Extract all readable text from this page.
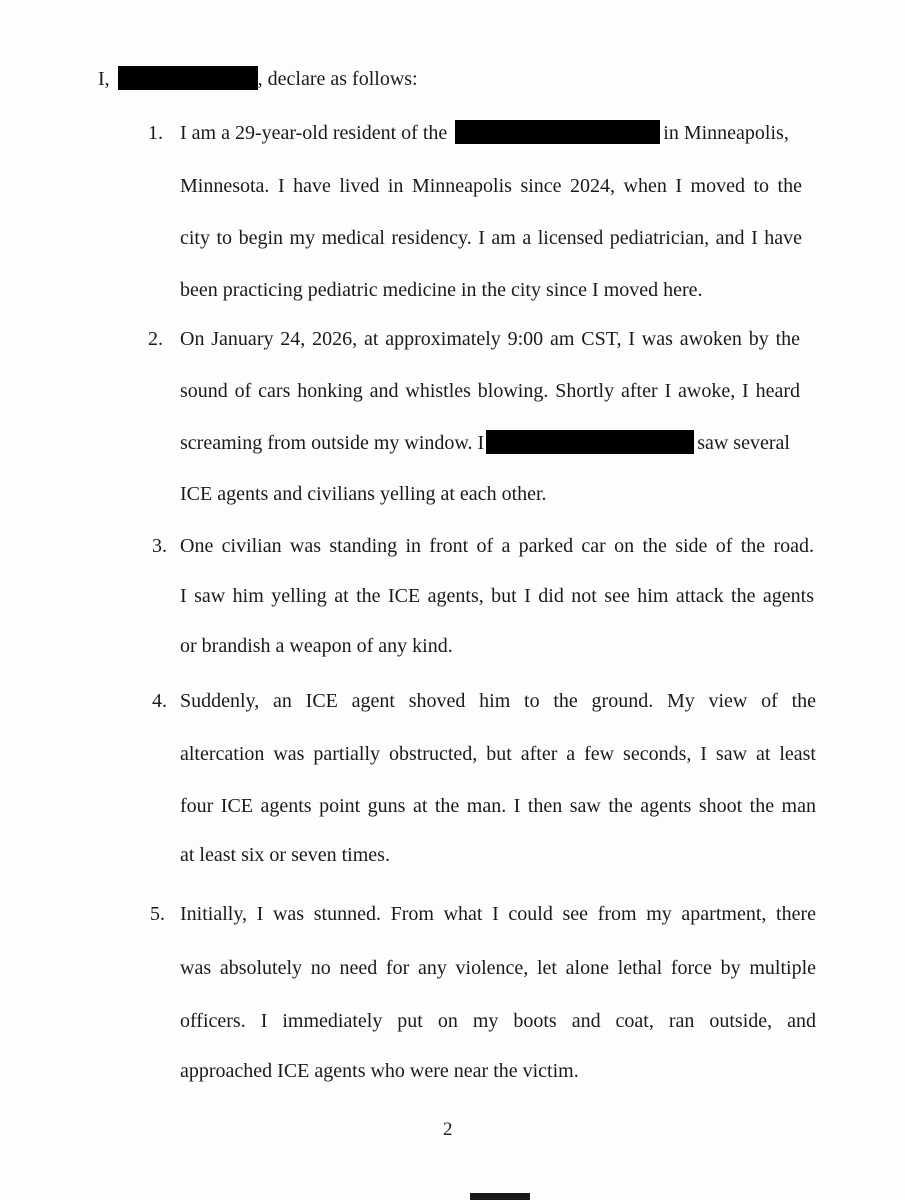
I,	, declare as follows:
1. I am a 29-year-old resident of the	in Minneapolis,
Minnesota. I have lived in Minneapolis since 2024, when I moved to the
city to begin my medical residency. I am a licensed pediatrician, and I have
been practicing pediatric medicine in the city since I moved here.
2. On January 24, 2026, at approximately 9:00 am CST, I was awoken by the
sound of cars honking and whistles blowing. Shortly after I awoke, I heard
screaming from outside my window. I	saw several
ICE agents and civilians yelling at each other.
3. One civilian was standing in front of a parked car on the side of the road.
I saw him yelling at the ICE agents, but I did not see him attack the agents
or brandish a weapon of any kind.
4. Suddenly, an ICE agent shoved him to the ground. My view of the
altercation was partially obstructed, but after a few seconds, I saw at least
four ICE agents point guns at the man. I then saw the agents shoot the man
at least six or seven times.
5. Initially, I was stunned. From what I could see from my apartment, there
was absolutely no need for any violence, let alone lethal force by multiple
officers. I immediately put on my boots and coat, ran outside, and
approached ICE agents who were near the victim.
2
